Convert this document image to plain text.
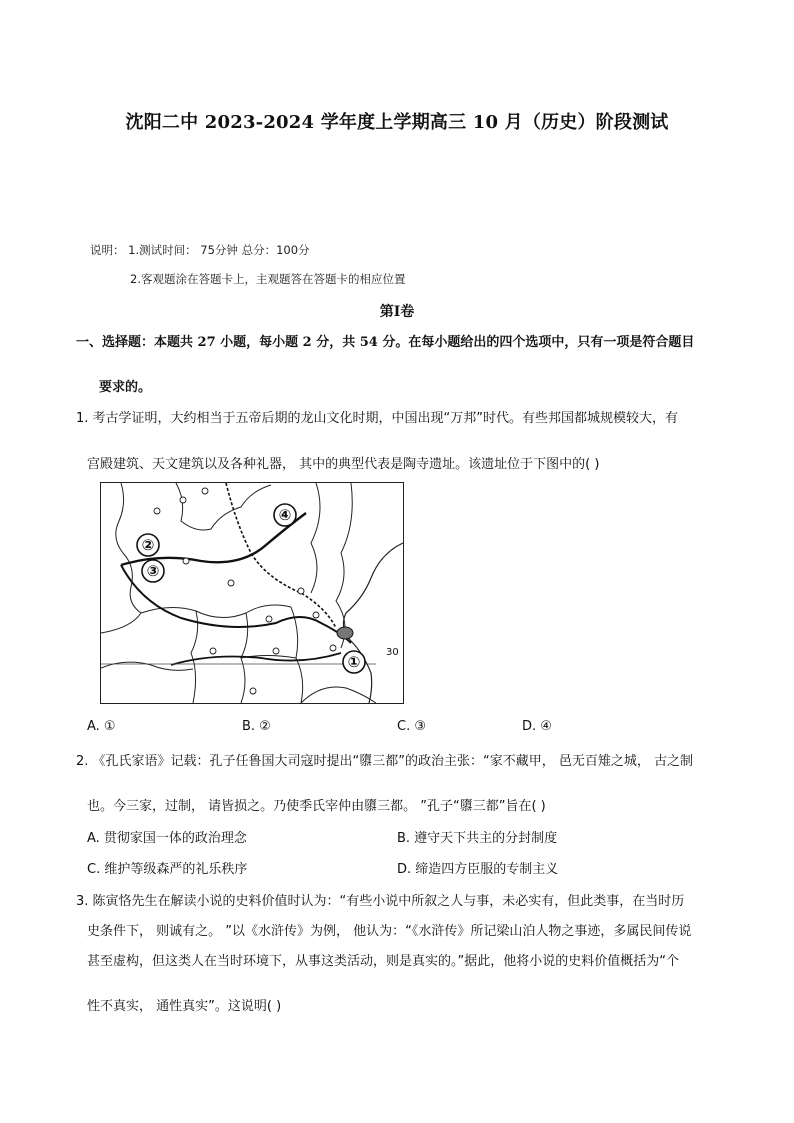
沈阳二中 2023-2024 学年度上学期高三 10 月（历史）阶段测试
说明： 1.测试时间： 75分钟 总分：100分
2.客观题涂在答题卡上，主观题答在答题卡的相应位置
第Ⅰ卷
一、选择题：本题共 27 小题，每小题 2 分，共 54 分。在每小题给出的四个选项中，只有一项是符合题目
要求的。
1. 考古学证明，大约相当于五帝后期的龙山文化时期，中国出现“万邦”时代。有些邦国都城规模较大，有
宫殿建筑、天文建筑以及各种礼器， 其中的典型代表是陶寺遗址。该遗址位于下图中的( )
②
③
④
①
30
A. ①	B. ②	C. ③	D. ④
2. 《孔氏家语》记载：孔子任鲁国大司寇时提出“隳三都”的政治主张：“家不藏甲， 邑无百雉之城， 古之制
也。今三家，过制， 请皆损之。乃使季氏宰仲由隳三都。 ”孔子“隳三都”旨在( )
A. 贯彻家国一体的政治理念	B. 遵守天下共主的分封制度
C. 维护等级森严的礼乐秩序	D. 缔造四方臣服的专制主义
3. 陈寅恪先生在解读小说的史料价值时认为：“有些小说中所叙之人与事，未必实有，但此类事，在当时历
史条件下， 则诚有之。 ”以《水浒传》为例， 他认为：“《水浒传》所记梁山泊人物之事迹，多属民间传说
甚至虚构，但这类人在当时环境下，从事这类活动，则是真实的。”据此，他将小说的史料价值概括为“个
性不真实， 通性真实”。这说明( )
